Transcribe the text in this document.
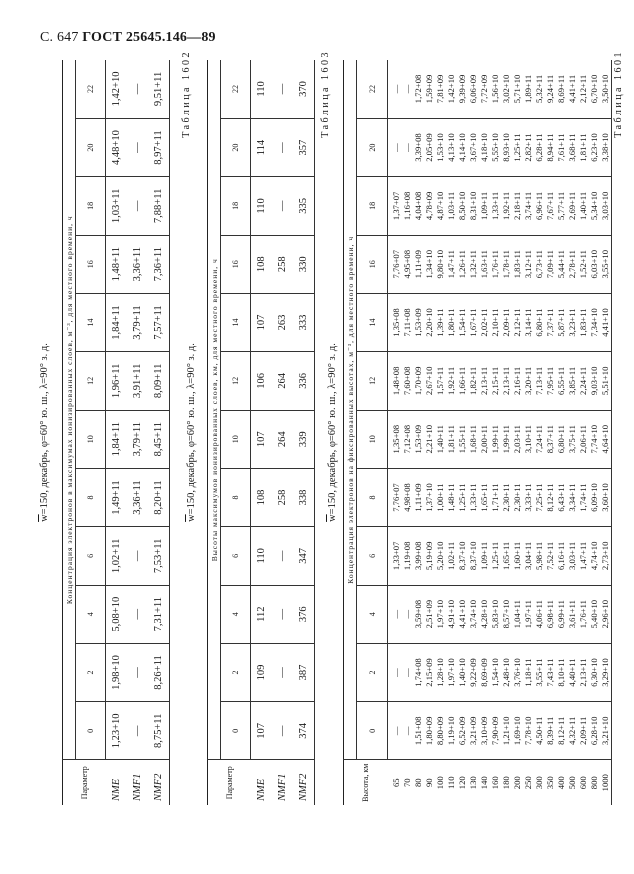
С. 647 ГОСТ 25645.146—89
$\overline{w}=150$, декабрь, φ=60° ю. ш., λ=90° з. д.
Параметр	Концентрация электронов в максимумах ионизированных слоев, м⁻³, для местного времени, ч											
	0	2	4	6	8	10	12	14	16	18	20	22
NME	1,23+10	1,98+10	5,08+10	1,02+11	1,49+11	1,84+11	1,96+11	1,84+11	1,48+11	1,03+11	4,48+10	1,42+10
NMF1	—	—	—	—	3,36+11	3,79+11	3,91+11	3,79+11	3,36+11	—	—	—
NMF2	8,75+11	8,26+11	7,31+11	7,53+11	8,20+11	8,45+11	8,09+11	7,57+11	7,36+11	7,88+11	8,97+11	9,51+11 Таблица 1602
$\overline{w}=150$, декабрь, φ=60° ю. ш., λ=90° з. д.
Параметр	Высоты максимумов ионизированных слоев, км, для местного времени, ч											
	0	2	4	6	8	10	12	14	16	18	20	22
NME	107	109	112	110	108	107	106	107	108	110	114	110
NMF1	—	—	—	—	258	264	264	263	258	—	—	—
NMF2	374	387	376	347	338	339	336	333	330	335	357	370 Таблица 1603
$\overline{w}=150$, декабрь, φ=60° ю. ш., λ=90° з. д.
Высота, км	Концентрация электронов на фиксированных высотах, м⁻³, для местного времени, ч											
	0	2	4	6	8	10	12	14	16	18	20	22
65	—	—	—	1,33+07	7,76+07	1,35+08	1,48+08	1,35+08	7,76+07	1,37+07	—	—
70	—	—	—	1,19+08	4,98+08	7,12+08	7,60+08	7,11+08	4,95+08	1,16+08	—	—
80	1,51+08	1,74+08	3,59+08	3,99+08	1,11+09	1,53+09	1,70+09	1,53+09	1,11+09	4,04+08	3,39+08	1,72+08
90	1,80+09	2,15+09	2,51+09	5,19+09	1,37+10	2,21+10	2,67+10	2,20+10	1,34+10	4,78+09	2,05+09	1,59+09
100	8,80+09	1,28+10	1,97+10	5,20+10	1,00+11	1,40+11	1,57+11	1,39+11	9,80+10	4,87+10	1,53+10	7,81+09
110	1,19+10	1,97+10	4,91+10	1,02+11	1,48+11	1,81+11	1,92+11	1,80+11	1,47+11	1,03+11	4,13+10	1,42+10
120	6,52+09	1,40+10	4,41+10	8,37+10	1,25+11	1,55+11	1,66+11	1,54+11	1,26+11	8,50+10	4,14+10	9,39+09
130	3,21+09	9,22+09	3,74+10	8,37+10	1,33+11	1,68+11	1,82+11	1,67+11	1,32+11	8,31+10	3,67+10	6,06+09
140	3,10+09	8,69+09	4,28+10	1,09+11	1,65+11	2,00+11	2,13+11	2,02+11	1,63+11	1,09+11	4,18+10	7,72+09
160	7,90+09	1,54+10	5,83+10	1,25+11	1,71+11	1,99+11	2,15+11	2,10+11	1,76+11	1,33+11	5,55+10	1,56+10
180	1,21+10	2,48+10	8,57+10	1,65+11	2,30+11	1,99+11	2,13+11	2,09+11	1,78+11	1,92+11	8,93+10	3,02+10
200	1,69+10	3,76+10	1,04+11	1,60+11	2,30+11	2,03+11	2,16+11	2,12+11	1,83+11	2,18+11	1,25+11	5,71+10
250	7,78+10	1,18+11	1,97+11	3,04+11	3,33+11	3,10+11	3,20+11	3,14+11	3,12+11	3,74+11	2,82+11	1,89+11
300	4,50+11	3,55+11	4,06+11	5,98+11	7,25+11	7,24+11	7,13+11	6,80+11	6,73+11	6,96+11	6,28+11	5,32+11
350	8,39+11	7,43+11	6,98+11	7,52+11	8,12+11	8,37+11	7,95+11	7,37+11	7,09+11	7,67+11	8,94+11	9,24+11
400	8,12+11	8,10+11	6,99+11	6,16+11	6,43+11	6,80+11	6,55+11	5,87+11	5,44+11	5,77+11	7,61+11	8,69+11
500	4,32+11	4,40+11	3,61+11	3,03+11	3,34+11	3,75+11	3,85+11	3,23+11	2,78+11	2,69+11	3,68+11	4,41+11
600	2,09+11	2,13+11	1,76+11	1,47+11	1,74+11	2,06+11	2,24+11	1,83+11	1,52+11	1,40+11	1,81+11	2,12+11
800	6,28+10	6,30+10	5,40+10	4,74+10	6,09+10	7,74+10	9,03+10	7,34+10	6,03+10	5,34+10	6,23+10	6,70+10
1000	3,21+10	3,29+10	2,96+10	2,73+10	3,60+10	4,64+10	5,51+10	4,41+10	3,55+10	3,03+10	3,38+10	3,50+10 Таблица 1601
